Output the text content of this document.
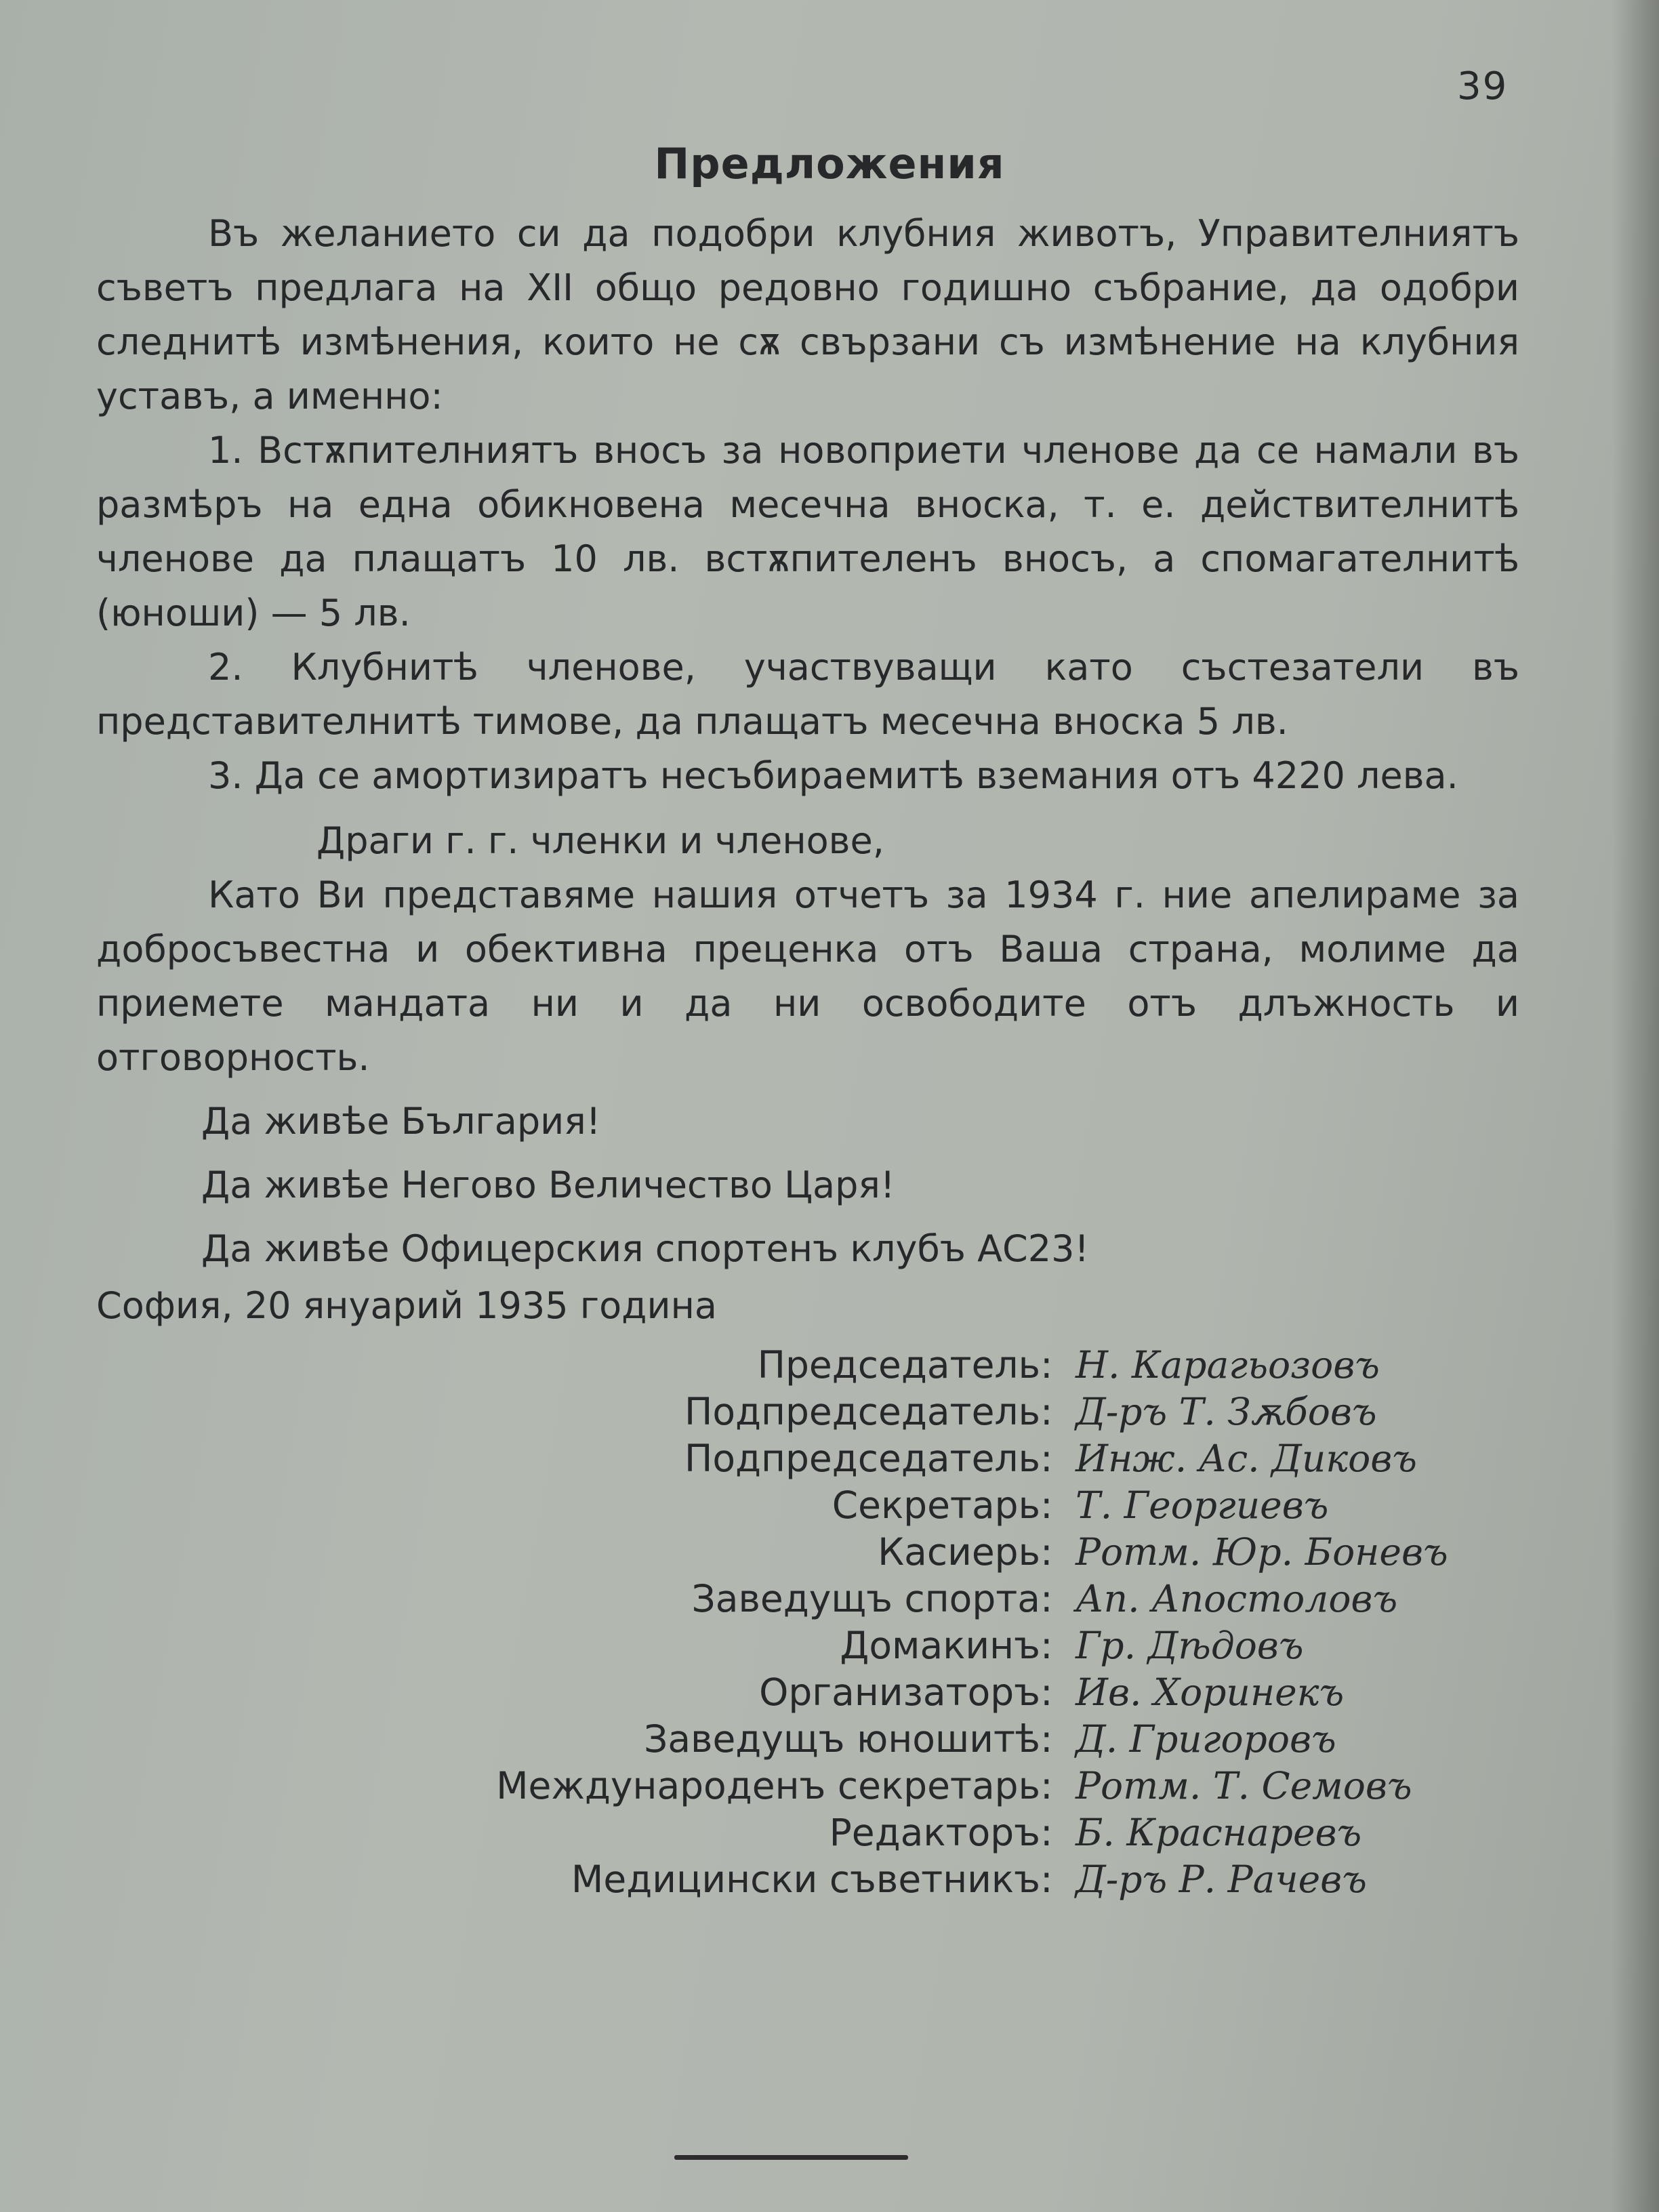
39
Предложения

Въ желанието си да подобри клубния животъ, Управителниятъ съветъ предлага на XII общо редовно годишно събрание, да одобри следнитѣ измѣнения, които не сѫ свързани съ измѣнение на клубния уставъ, а именно:

1. Встѫпителниятъ вносъ за новоприети членове да се намали въ размѣръ на една обикновена месечна вноска, т. е. действителнитѣ членове да плащатъ 10 лв. встѫпителенъ вносъ, а спомагателнитѣ (юноши) — 5 лв.

2. Клубнитѣ членове, участвуващи като състезатели въ представителнитѣ тимове, да плащатъ месечна вноска 5 лв.

3. Да се амортизиратъ несъбираемитѣ вземания отъ 4220 лева.

Драги г. г. членки и членове,

Като Ви представяме нашия отчетъ за 1934 г. ние апелираме за добросъвестна и обективна преценка отъ Ваша страна, молиме да приемете мандата ни и да ни освободите отъ длъжность и отговорность.

Да живѣе България!

Да живѣе Негово Величество Царя!

Да живѣе Офицерския спортенъ клубъ АС23!

София, 20 януарий 1935 година

Председатель : Н. Карагьозовъ
Подпредседатель : Д-ръ Т. Зѫбовъ
Подпредседатель : Инж. Ас. Диковъ
Секретарь : Т. Георгиевъ
Касиерь : Ротм. Юр. Боневъ
Заведущъ спорта : Ап. Апостоловъ
Домакинъ : Гр. Дѣдовъ
Организаторъ : Ив. Хоринекъ
Заведущъ юношитѣ : Д. Григоровъ
Международенъ секретарь : Ротм. Т. Семовъ
Редакторъ : Б. Краснаревъ
Медицински съветникъ : Д-ръ Р. Рачевъ
